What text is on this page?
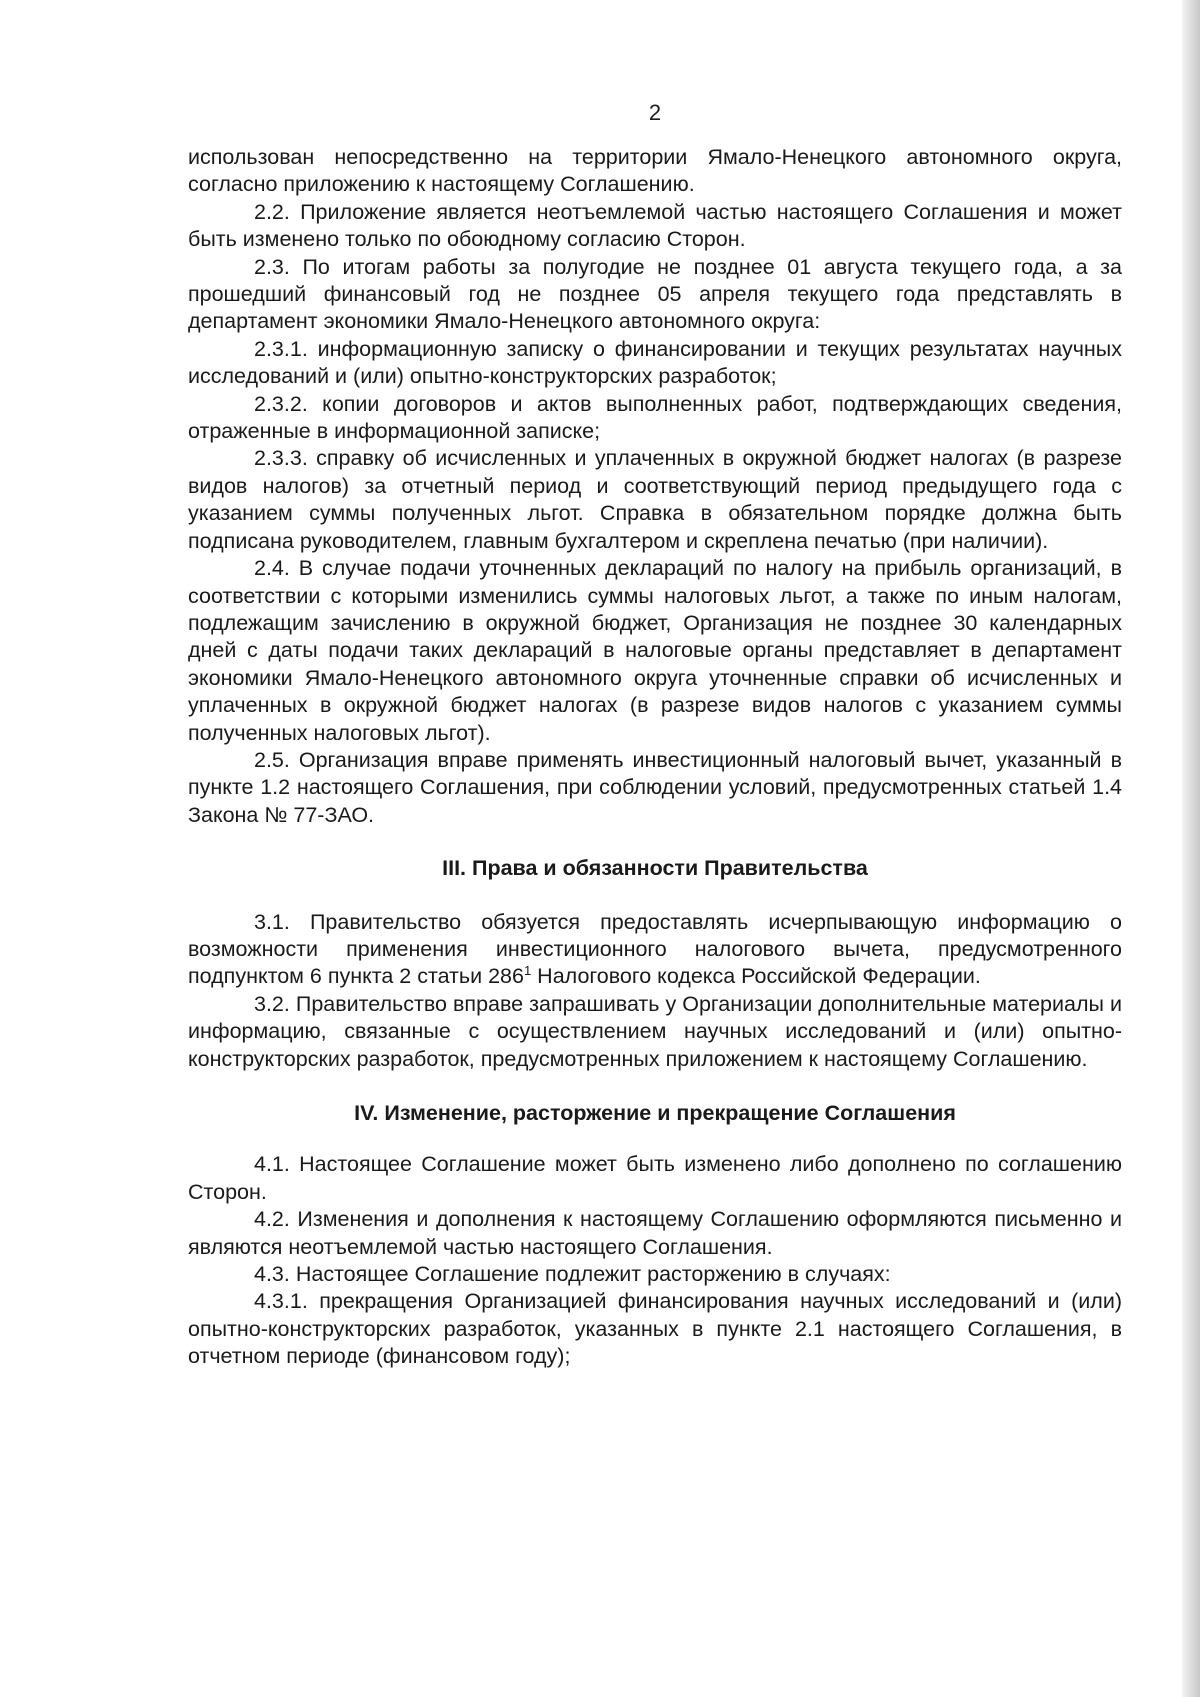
2

использован непосредственно на территории Ямало-Ненецкого автономного округа, согласно приложению к настоящему Соглашению.

2.2. Приложение является неотъемлемой частью настоящего Соглашения и может быть изменено только по обоюдному согласию Сторон.

2.3. По итогам работы за полугодие не позднее 01 августа текущего года, а за прошедший финансовый год не позднее 05 апреля текущего года представлять в департамент экономики Ямало-Ненецкого автономного округа:

2.3.1. информационную записку о финансировании и текущих результатах научных исследований и (или) опытно-конструкторских разработок;

2.3.2. копии договоров и актов выполненных работ, подтверждающих сведения, отраженные в информационной записке;

2.3.3. справку об исчисленных и уплаченных в окружной бюджет налогах (в разрезе видов налогов) за отчетный период и соответствующий период предыдущего года с указанием суммы полученных льгот. Справка в обязательном порядке должна быть подписана руководителем, главным бухгалтером и скреплена печатью (при наличии).

2.4. В случае подачи уточненных деклараций по налогу на прибыль организаций, в соответствии с которыми изменились суммы налоговых льгот, а также по иным налогам, подлежащим зачислению в окружной бюджет, Организация не позднее 30 календарных дней с даты подачи таких деклараций в налоговые органы представляет в департамент экономики Ямало-Ненецкого автономного округа уточненные справки об исчисленных и уплаченных в окружной бюджет налогах (в разрезе видов налогов с указанием суммы полученных налоговых льгот).

2.5. Организация вправе применять инвестиционный налоговый вычет, указанный в пункте 1.2 настоящего Соглашения, при соблюдении условий, предусмотренных статьей 1.4 Закона № 77-ЗАО.

III. Права и обязанности Правительства

3.1. Правительство обязуется предоставлять исчерпывающую информацию о возможности применения инвестиционного налогового вычета, предусмотренного подпунктом 6 пункта 2 статьи $286^1$ Налогового кодекса Российской Федерации.

3.2. Правительство вправе запрашивать у Организации дополнительные материалы и информацию, связанные с осуществлением научных исследований и (или) опытно-конструкторских разработок, предусмотренных приложением к настоящему Соглашению.

IV. Изменение, расторжение и прекращение Соглашения

4.1. Настоящее Соглашение может быть изменено либо дополнено по соглашению Сторон.

4.2. Изменения и дополнения к настоящему Соглашению оформляются письменно и являются неотъемлемой частью настоящего Соглашения.

4.3. Настоящее Соглашение подлежит расторжению в случаях:

4.3.1. прекращения Организацией финансирования научных исследований и (или) опытно-конструкторских разработок, указанных в пункте 2.1 настоящего Соглашения, в отчетном периоде (финансовом году);
